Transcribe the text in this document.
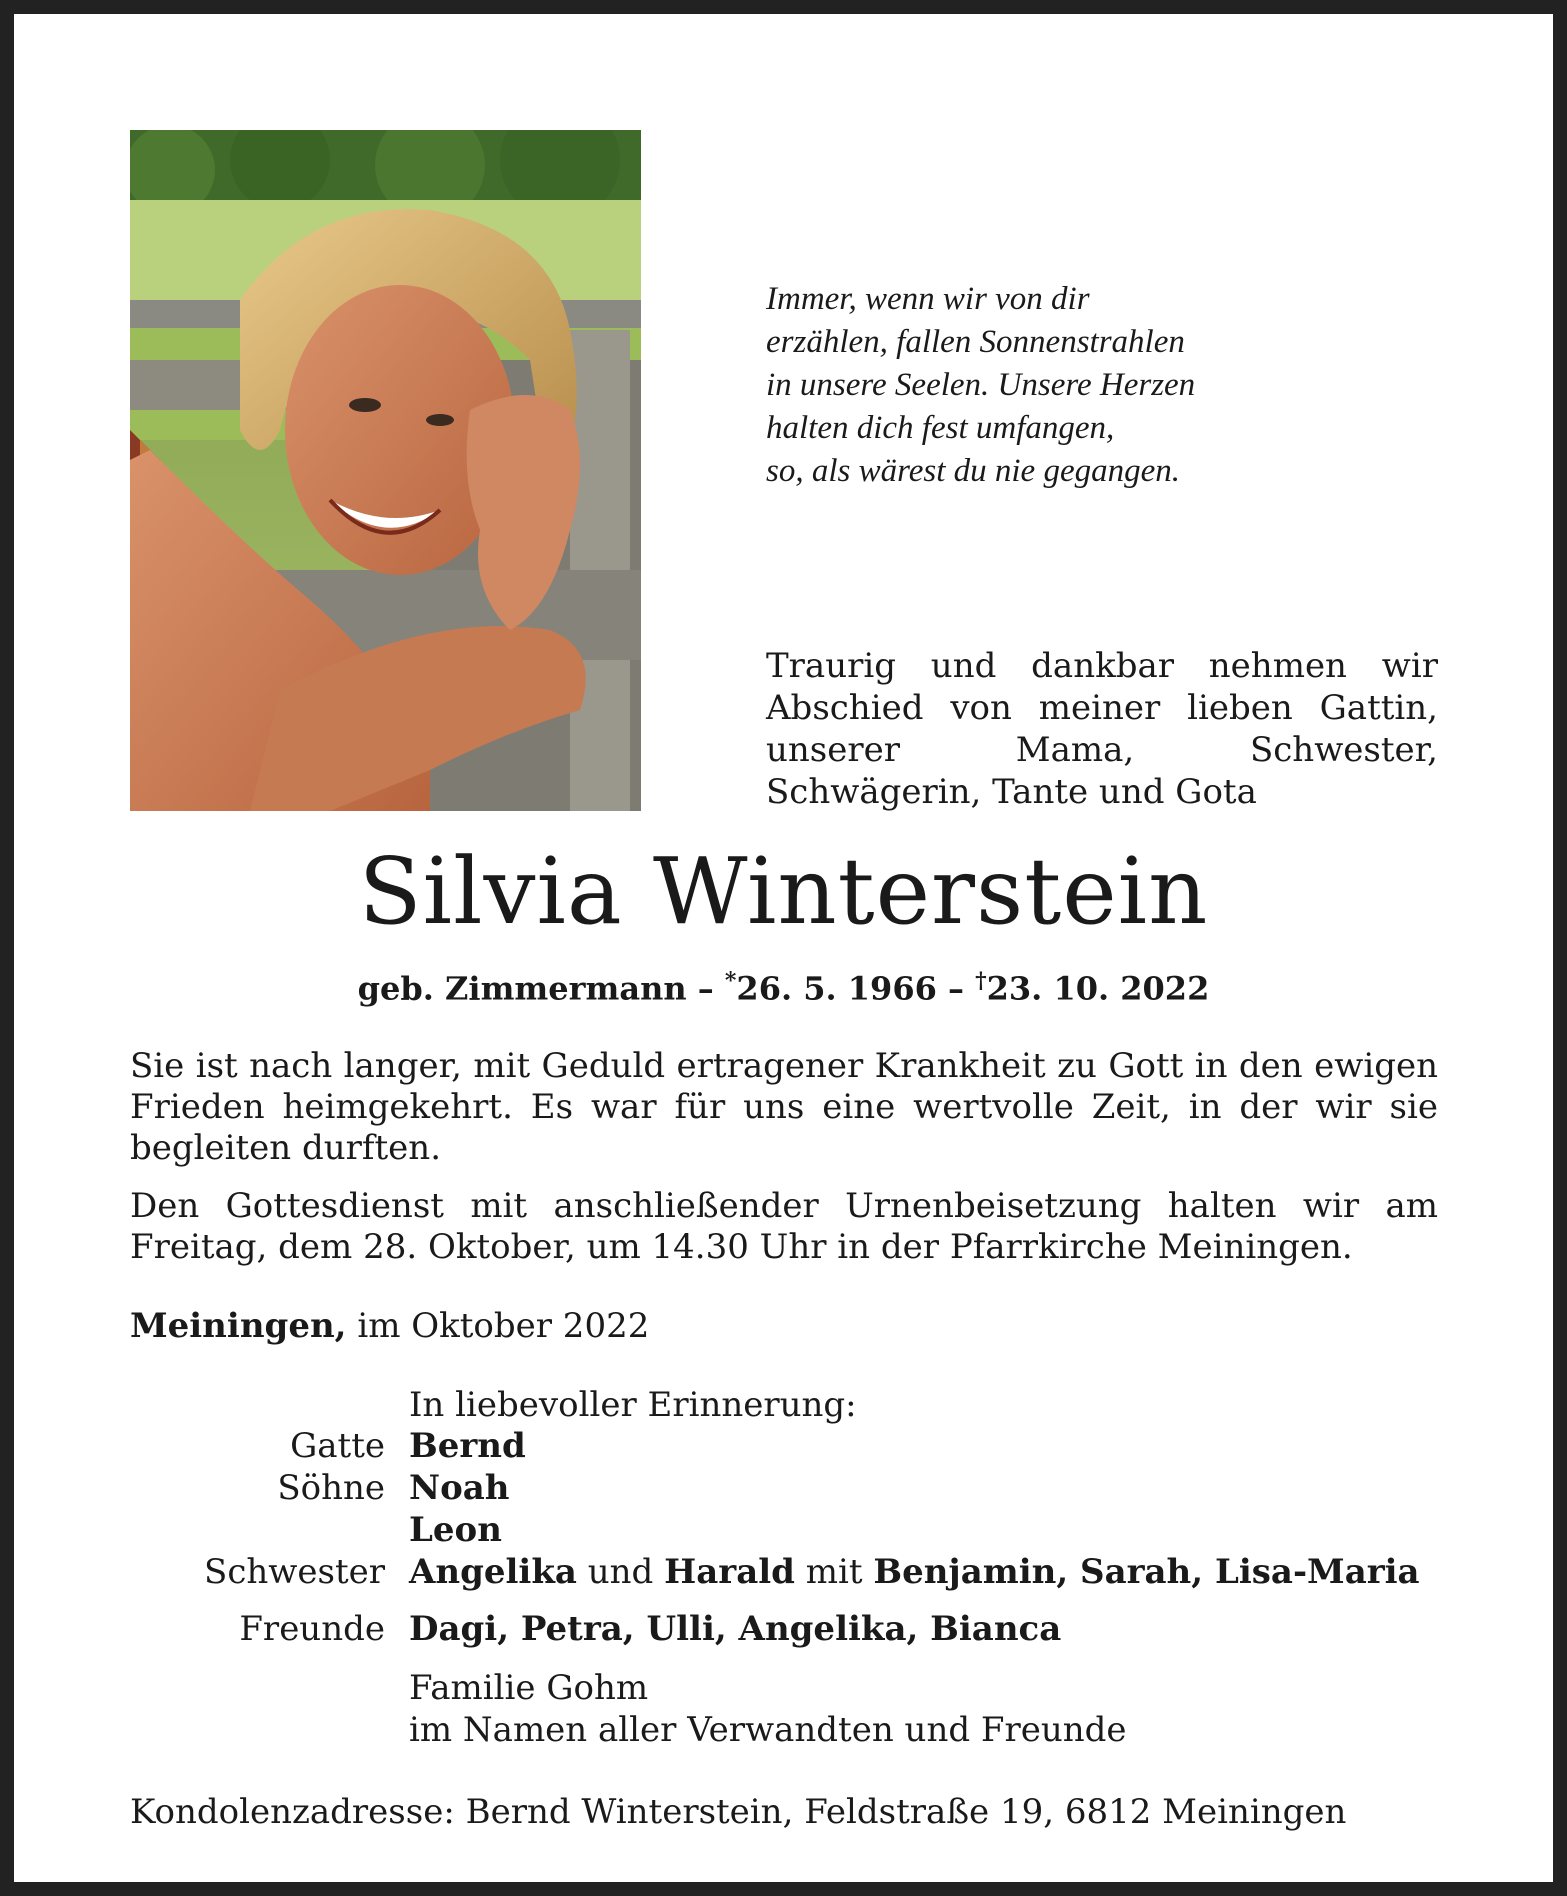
Immer, wenn wir von dir
erzählen, fallen Sonnenstrahlen
in unsere Seelen. Unsere Herzen
halten dich fest umfangen,
so, als wärest du nie gegangen.
Traurig und dankbar nehmen wir Abschied von meiner lieben Gattin, unserer Mama, Schwester, Schwägerin, Tante und Gota
Silvia Winterstein
geb. Zimmermann – *26. 5. 1966 – †23. 10. 2022
Sie ist nach langer, mit Geduld ertragener Krankheit zu Gott in den ewigen Frieden heimgekehrt. Es war für uns eine wertvolle Zeit, in der wir sie begleiten durften.
Den Gottesdienst mit anschließender Urnenbeisetzung halten wir am Freitag, dem 28. Oktober, um 14.30 Uhr in der Pfarrkirche Meiningen.
Meiningen, im Oktober 2022
In liebevoller Erinnerung:
Gatte Bernd
Söhne Noah
Leon
Schwester Angelika und Harald mit Benjamin, Sarah, Lisa-Maria
Freunde Dagi, Petra, Ulli, Angelika, Bianca
Familie Gohm
im Namen aller Verwandten und Freunde
Kondolenzadresse: Bernd Winterstein, Feldstraße 19, 6812 Meiningen
